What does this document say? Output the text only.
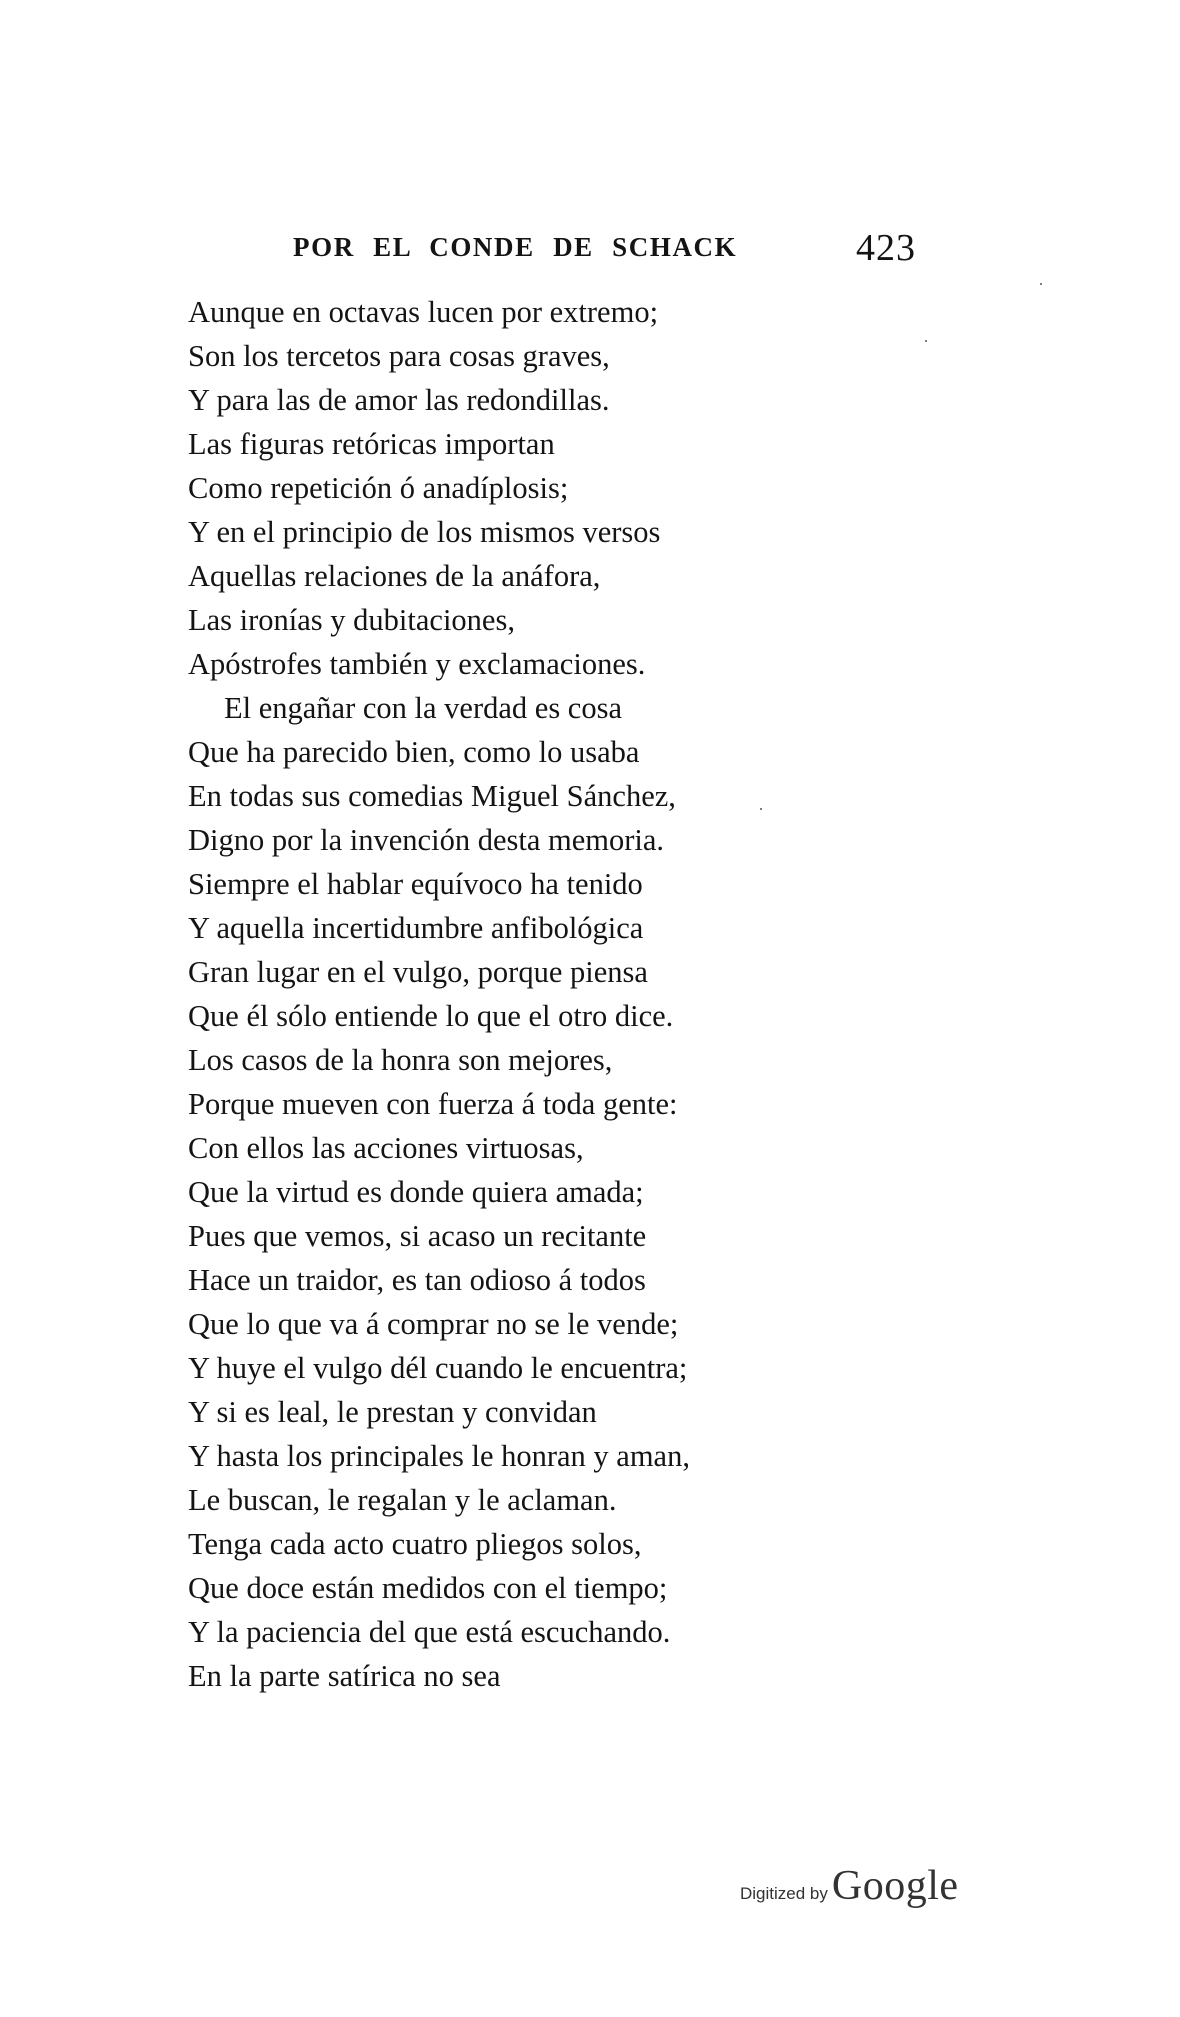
POR EL CONDE DE SCHACK	423
Aunque en octavas lucen por extremo;
Son los tercetos para cosas graves,
Y para las de amor las redondillas.
Las figuras retóricas importan
Como repetición ó anadíplosis;
Y en el principio de los mismos versos
Aquellas relaciones de la anáfora,
Las ironías y dubitaciones,
Apóstrofes también y exclamaciones.
El engañar con la verdad es cosa
Que ha parecido bien, como lo usaba
En todas sus comedias Miguel Sánchez,
Digno por la invención desta memoria.
Siempre el hablar equívoco ha tenido
Y aquella incertidumbre anfibológica
Gran lugar en el vulgo, porque piensa
Que él sólo entiende lo que el otro dice.
Los casos de la honra son mejores,
Porque mueven con fuerza á toda gente:
Con ellos las acciones virtuosas,
Que la virtud es donde quiera amada;
Pues que vemos, si acaso un recitante
Hace un traidor, es tan odioso á todos
Que lo que va á comprar no se le vende;
Y huye el vulgo dél cuando le encuentra;
Y si es leal, le prestan y convidan
Y hasta los principales le honran y aman,
Le buscan, le regalan y le aclaman.
Tenga cada acto cuatro pliegos solos,
Que doce están medidos con el tiempo;
Y la paciencia del que está escuchando.
En la parte satírica no sea
Digitized by Google
